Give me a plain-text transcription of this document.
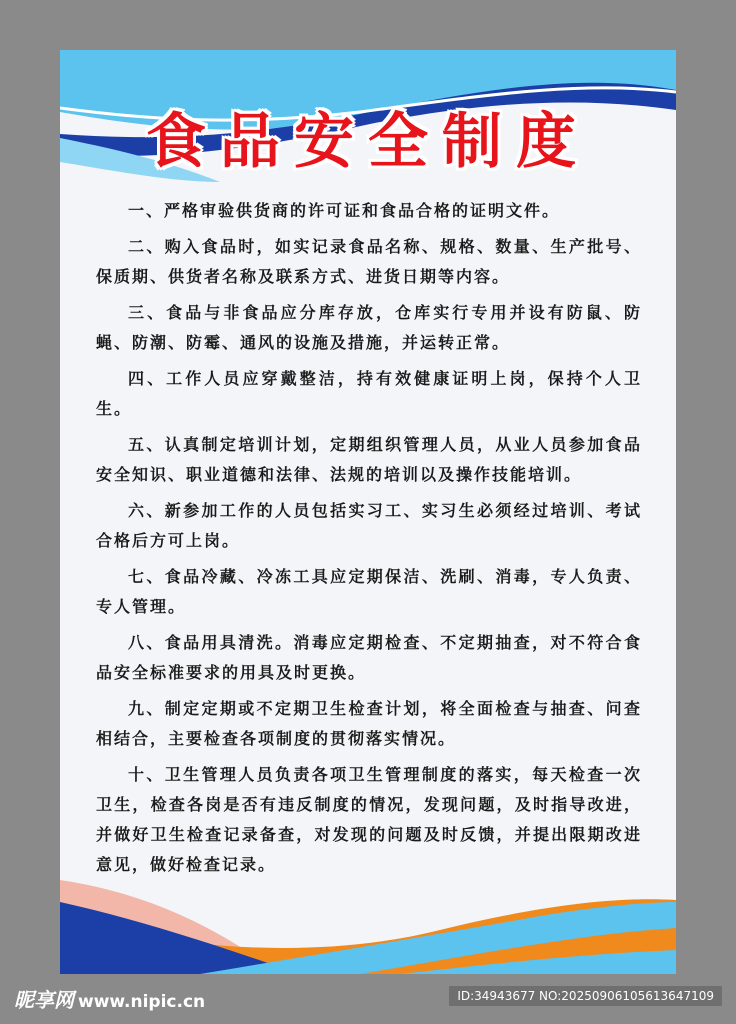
食品安全制度

一、严格审验供货商的许可证和食品合格的证明文件。

二、购入食品时，如实记录食品名称、规格、数量、生产批号、保质期、供货者名称及联系方式、进货日期等内容。

三、食品与非食品应分库存放，仓库实行专用并设有防鼠、防蝇、防潮、防霉、通风的设施及措施，并运转正常。

四、工作人员应穿戴整洁，持有效健康证明上岗，保持个人卫生。

五、认真制定培训计划，定期组织管理人员，从业人员参加食品安全知识、职业道德和法律、法规的培训以及操作技能培训。

六、新参加工作的人员包括实习工、实习生必须经过培训、考试合格后方可上岗。

七、食品冷藏、冷冻工具应定期保洁、洗刷、消毒，专人负责、专人管理。

八、食品用具清洗。消毒应定期检查、不定期抽查，对不符合食品安全标准要求的用具及时更换。

九、制定定期或不定期卫生检查计划，将全面检查与抽查、问查相结合，主要检查各项制度的贯彻落实情况。

十、卫生管理人员负责各项卫生管理制度的落实，每天检查一次卫生，检查各岗是否有违反制度的情况，发现问题，及时指导改进，并做好卫生检查记录备查，对发现的问题及时反馈，并提出限期改进意见，做好检查记录。

昵享网 www.nipic.cn	ID:34943677 NO:20250906105613647109
